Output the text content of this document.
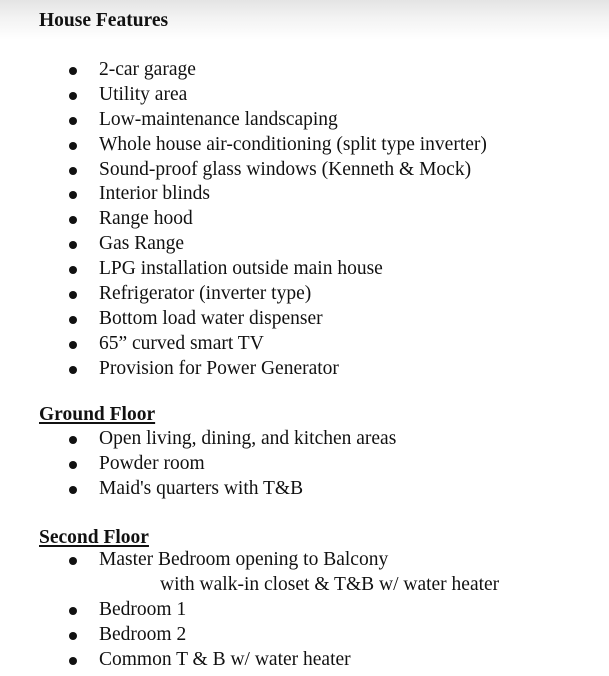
House Features
2-car garage
Utility area
Low-maintenance landscaping
Whole house air-conditioning (split type inverter)
Sound-proof glass windows (Kenneth & Mock)
Interior blinds
Range hood
Gas Range
LPG installation outside main house
Refrigerator (inverter type)
Bottom load water dispenser
65” curved smart TV
Provision for Power Generator
Ground Floor
Open living, dining, and kitchen areas
Powder room
Maid's quarters with T&B
Second Floor
Master Bedroom opening to Balcony
with walk-in closet & T&B w/ water heater
Bedroom 1
Bedroom 2
Common T & B w/ water heater
